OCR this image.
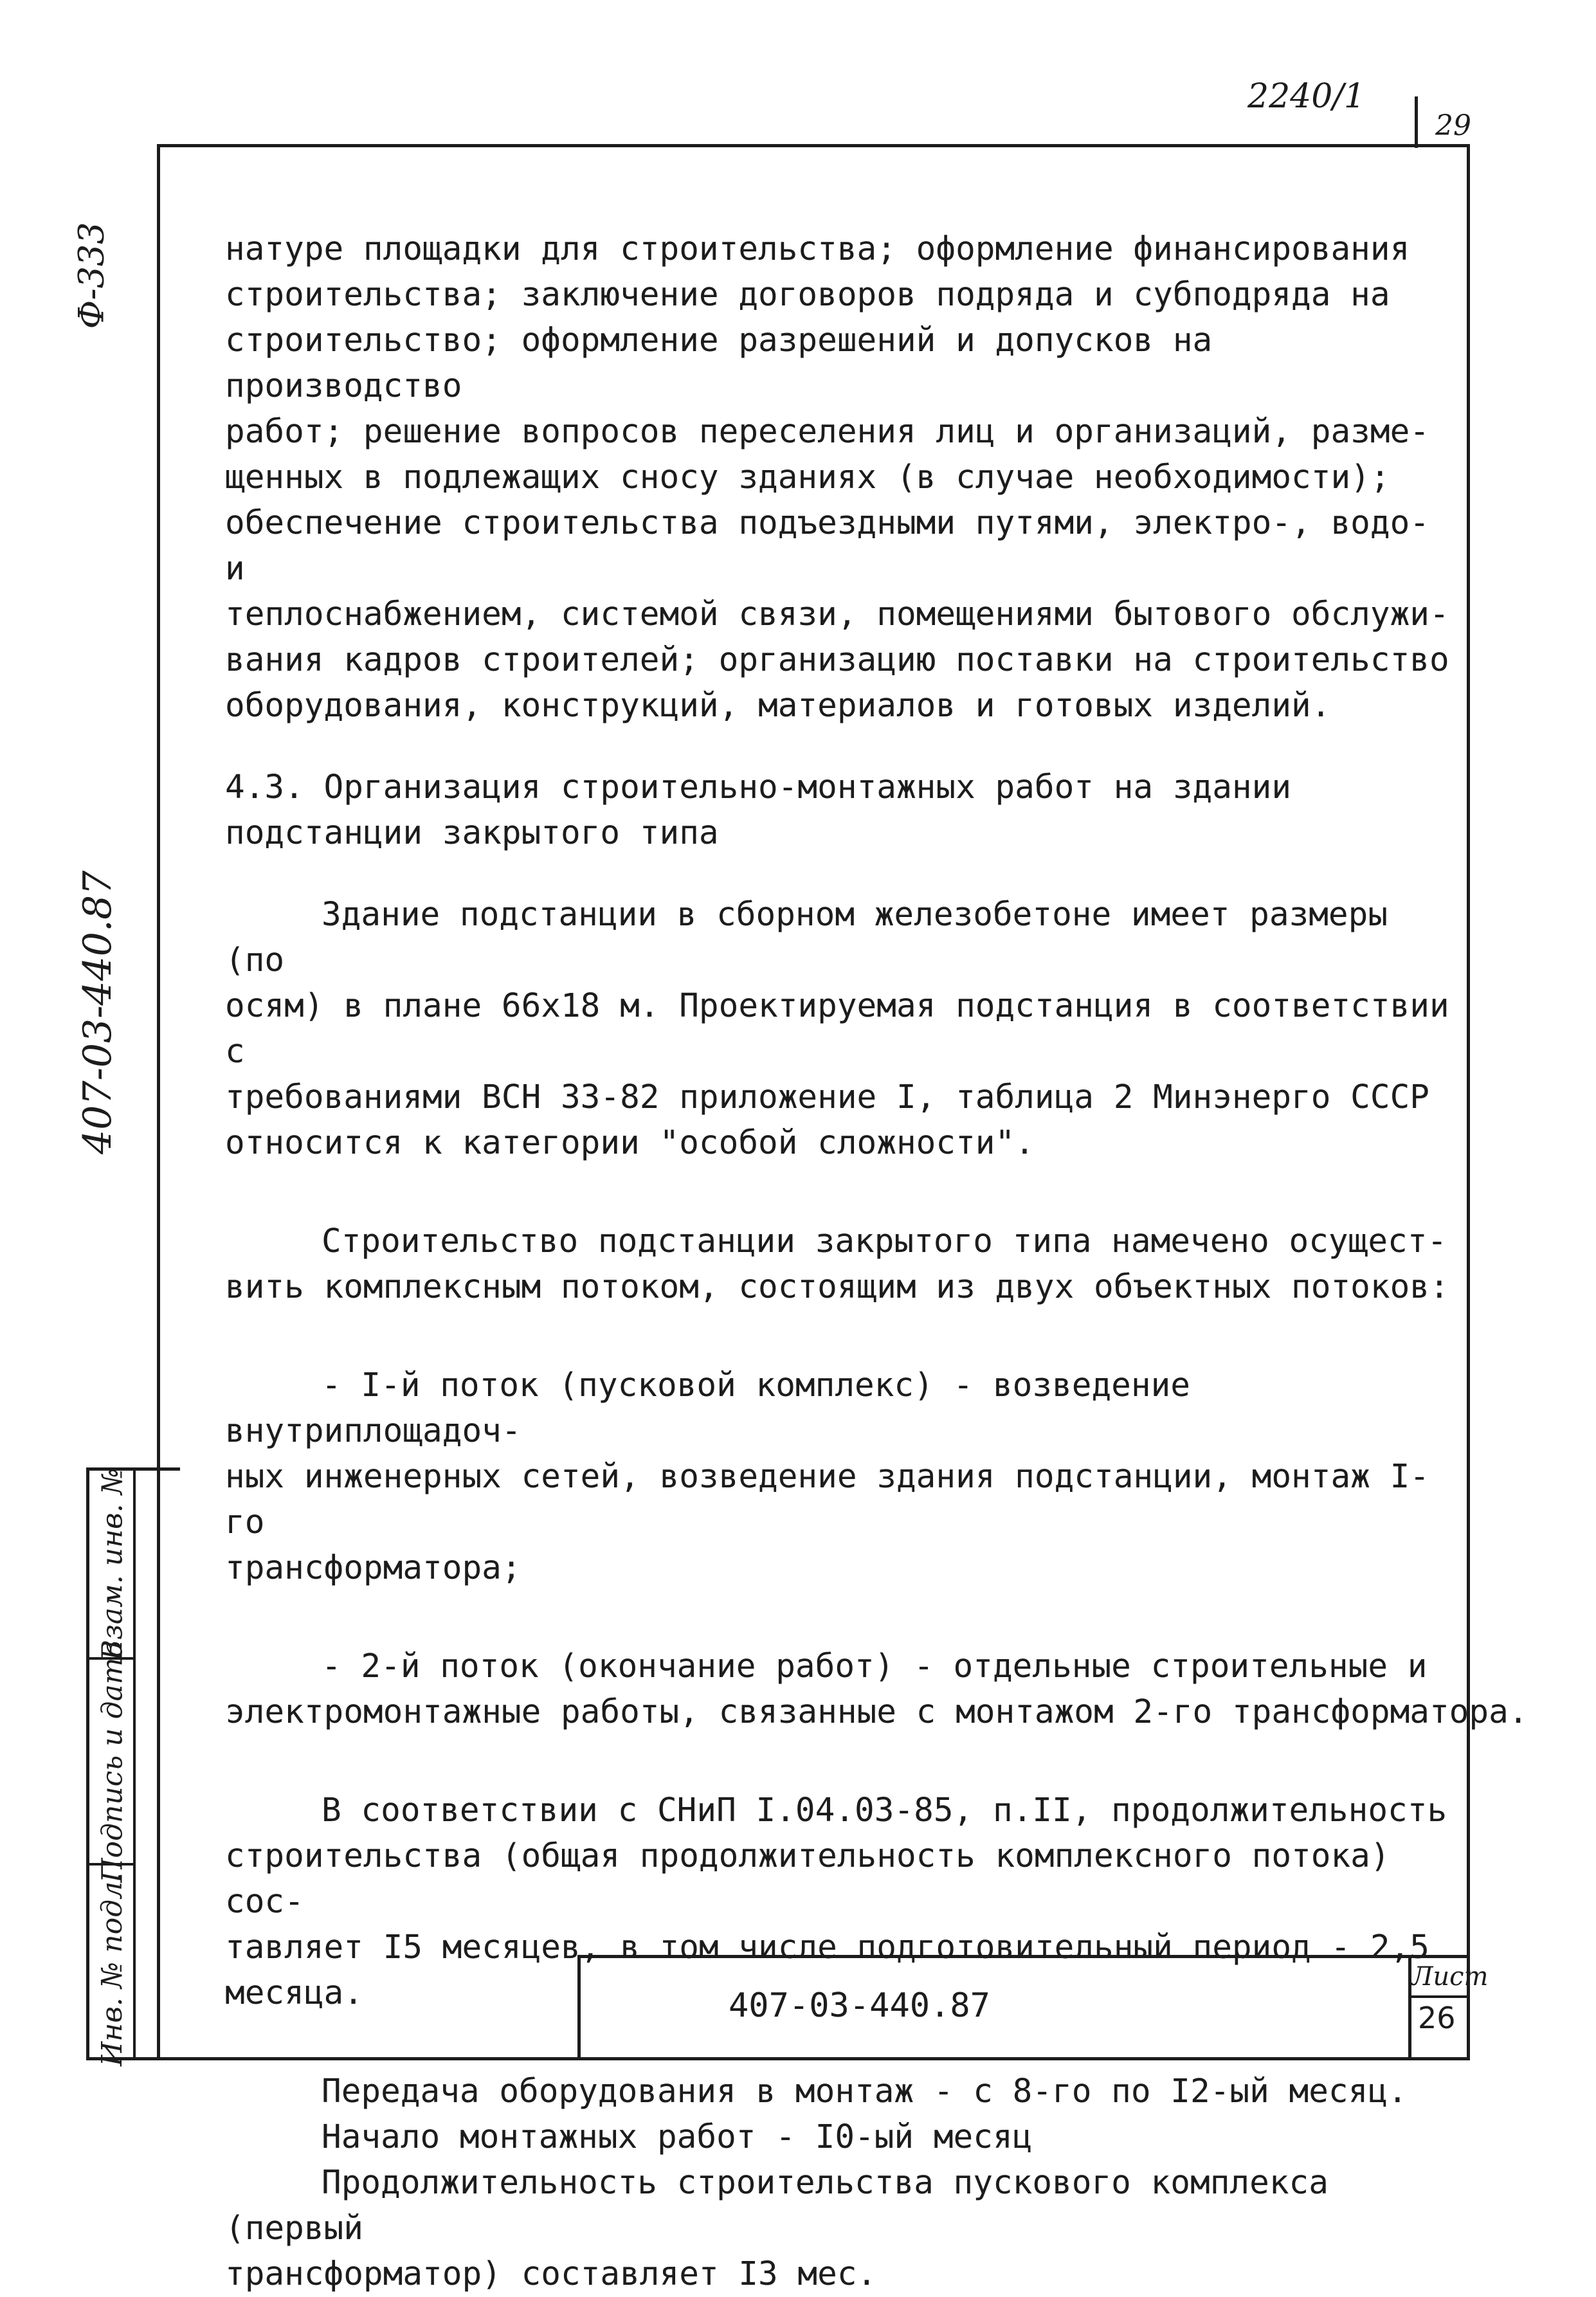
2240/1
29
Ф-333
407-03-440.87
Инв. № подл.
Подпись и дата
Взам. инв. №

натуре площадки для строительства; оформление финансирования

строительства; заключение договоров подряда и субподряда на

строительство; оформление разрешений и допусков на производство

работ; решение вопросов переселения лиц и организаций, разме-

щенных в подлежащих сносу зданиях (в случае необходимости);

обеспечение строительства подъездными путями, электро-, водо- и

теплоснабжением, системой связи, помещениями бытового обслужи-

вания кадров строителей; организацию поставки на строительство

оборудования, конструкций, материалов и готовых изделий.

4.3. Организация строительно-монтажных работ на здании

подстанции закрытого типа

Здание подстанции в сборном железобетоне имеет размеры (по

осям) в плане 66х18 м. Проектируемая подстанция в соответствии с

требованиями ВСН 33-82 приложение I, таблица 2 Минэнерго СССР

относится к категории "особой сложности".

Строительство подстанции закрытого типа намечено осущест-

вить комплексным потоком, состоящим из двух объектных потоков:

- I-й поток (пусковой комплекс) - возведение внутриплощадоч-

ных инженерных сетей, возведение здания подстанции, монтаж I-го

трансформатора;

- 2-й поток (окончание работ) - отдельные строительные и

электромонтажные работы, связанные с монтажом 2-го трансформатора.

В соответствии с СНиП I.04.03-85, п.II, продолжительность

строительства (общая продолжительность комплексного потока) сос-

тавляет I5 месяцев, в том числе подготовительный период - 2,5

месяца.

Передача оборудования в монтаж - с 8-го по I2-ый месяц.

Начало монтажных работ - I0-ый месяц

Продолжительность строительства пускового комплекса (первый

трансформатор) составляет I3 мес.

407-03-440.87
Лист
26
